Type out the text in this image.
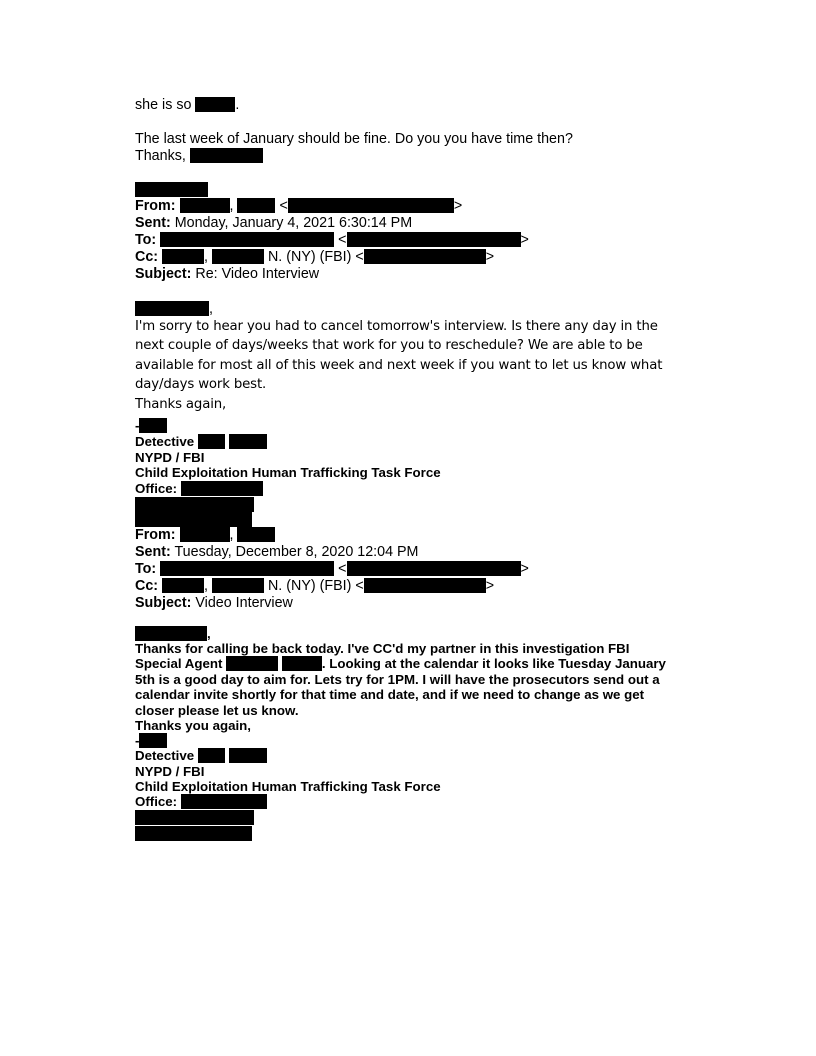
she is so	.
The last week of January should be fine. Do you you have time then?
Thanks,
From:	,	<	>
Sent: Monday, January 4, 2021 6:30:14 PM
To:	<	>
Cc:	,	N. (NY) (FBI) <	>
Subject: Re: Video Interview
,
I'm sorry to hear you had to cancel tomorrow's interview. Is there any day in the
next couple of days/weeks that work for you to reschedule? We are able to be
available for most all of this week and next week if you want to let us know what
day/days work best.
Thanks again,
-
Detective
NYPD / FBI
Child Exploitation Human Trafficking Task Force
Office:
From:	,
Sent: Tuesday, December 8, 2020 12:04 PM
To:	<	>
Cc:	,	N. (NY) (FBI) <	>
Subject: Video Interview
,
Thanks for calling be back today. I've CC'd my partner in this investigation FBI
Special Agent	. Looking at the calendar it looks like Tuesday January
5th is a good day to aim for. Lets try for 1PM. I will have the prosecutors send out a
calendar invite shortly for that time and date, and if we need to change as we get
closer please let us know.
Thanks you again,
-
Detective
NYPD / FBI
Child Exploitation Human Trafficking Task Force
Office:
